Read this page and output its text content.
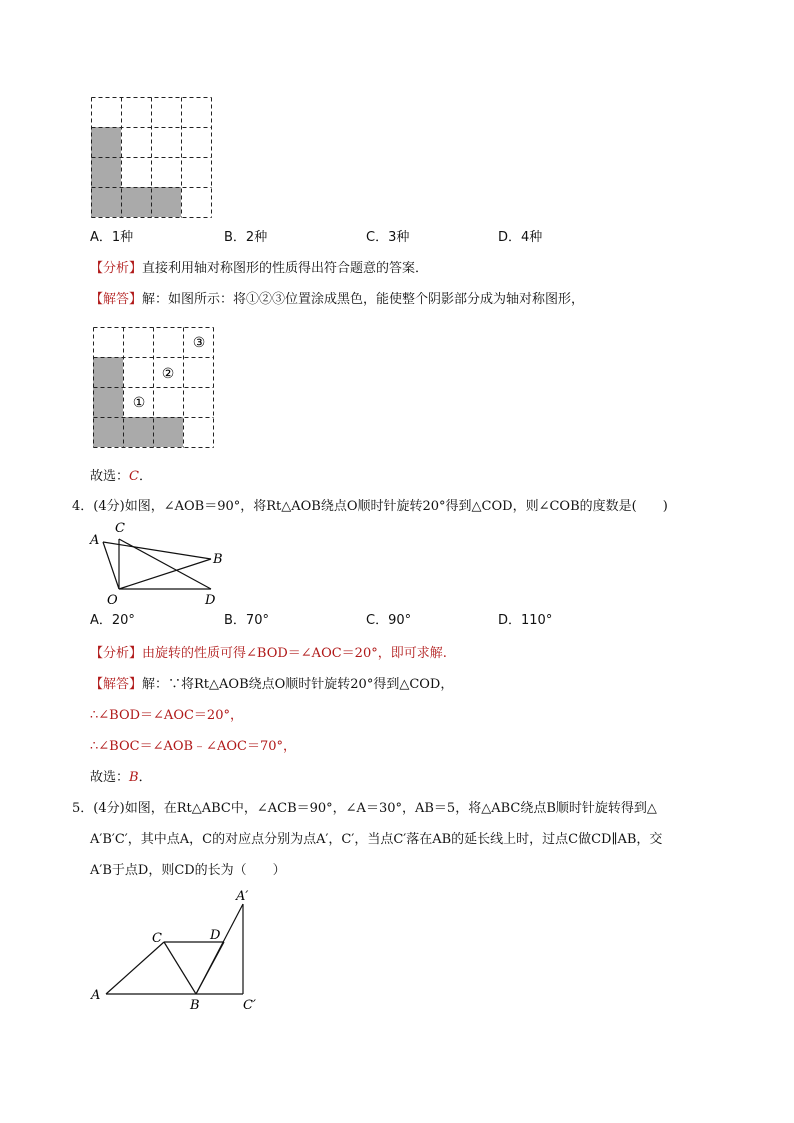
A．1种	B．2种	C．3种	D．4种
【分析】直接利用轴对称图形的性质得出符合题意的答案．
【解答】解：如图所示：将①②③位置涂成黑色，能使整个阴影部分成为轴对称图形，
①
②
③
故选：C．
4．(4分)如图，∠AOB＝90°，将Rt△AOB绕点O顺时针旋转20°得到△COD，则∠COB的度数是(　　)
A
C
B
O	D
A．20°	B．70°	C．90°	D．110°
【分析】由旋转的性质可得∠BOD＝∠AOC＝20°，即可求解.
【解答】解：∵将Rt△AOB绕点O顺时针旋转20°得到△COD，
∴∠BOD＝∠AOC＝20°，
∴∠BOC＝∠AOB﹣∠AOC＝70°，
故选：B．
5．(4分)如图，在Rt△ABC中，∠ACB＝90°，∠A＝30°，AB＝5，将△ABC绕点B顺时针旋转得到△
A′B′C′，其中点A，C的对应点分别为点A′，C′，当点C′落在AB的延长线上时，过点C做CD∥AB，交
A′B于点D，则CD的长为（　　）
A′
C	D
A
B	C′
